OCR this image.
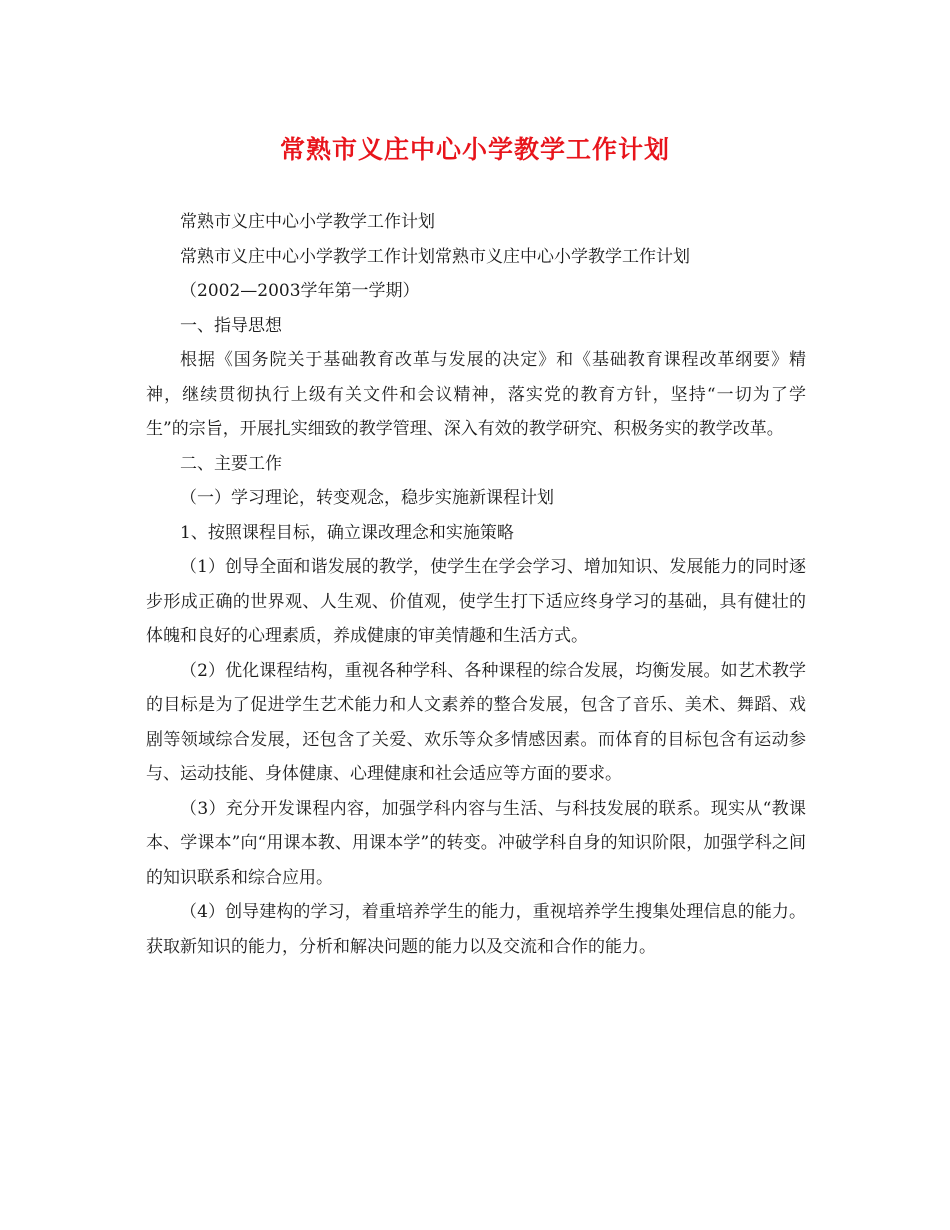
常熟市义庄中心小学教学工作计划

常熟市义庄中心小学教学工作计划

常熟市义庄中心小学教学工作计划常熟市义庄中心小学教学工作计划

（2002—2003学年第一学期）

一、指导思想

根据《国务院关于基础教育改革与发展的决定》和《基础教育课程改革纲要》精神，继续贯彻执行上级有关文件和会议精神，落实党的教育方针，坚持“一切为了学生”的宗旨，开展扎实细致的教学管理、深入有效的教学研究、积极务实的教学改革。

二、主要工作

（一）学习理论，转变观念，稳步实施新课程计划

1、按照课程目标，确立课改理念和实施策略

（1）创导全面和谐发展的教学，使学生在学会学习、增加知识、发展能力的同时逐步形成正确的世界观、人生观、价值观，使学生打下适应终身学习的基础，具有健壮的体魄和良好的心理素质，养成健康的审美情趣和生活方式。

（2）优化课程结构，重视各种学科、各种课程的综合发展，均衡发展。如艺术教学的目标是为了促进学生艺术能力和人文素养的整合发展，包含了音乐、美术、舞蹈、戏剧等领域综合发展，还包含了关爱、欢乐等众多情感因素。而体育的目标包含有运动参与、运动技能、身体健康、心理健康和社会适应等方面的要求。

（3）充分开发课程内容，加强学科内容与生活、与科技发展的联系。现实从“教课本、学课本”向“用课本教、用课本学”的转变。冲破学科自身的知识阶限，加强学科之间的知识联系和综合应用。

（4）创导建构的学习，着重培养学生的能力，重视培养学生搜集处理信息的能力。获取新知识的能力，分析和解决问题的能力以及交流和合作的能力。
